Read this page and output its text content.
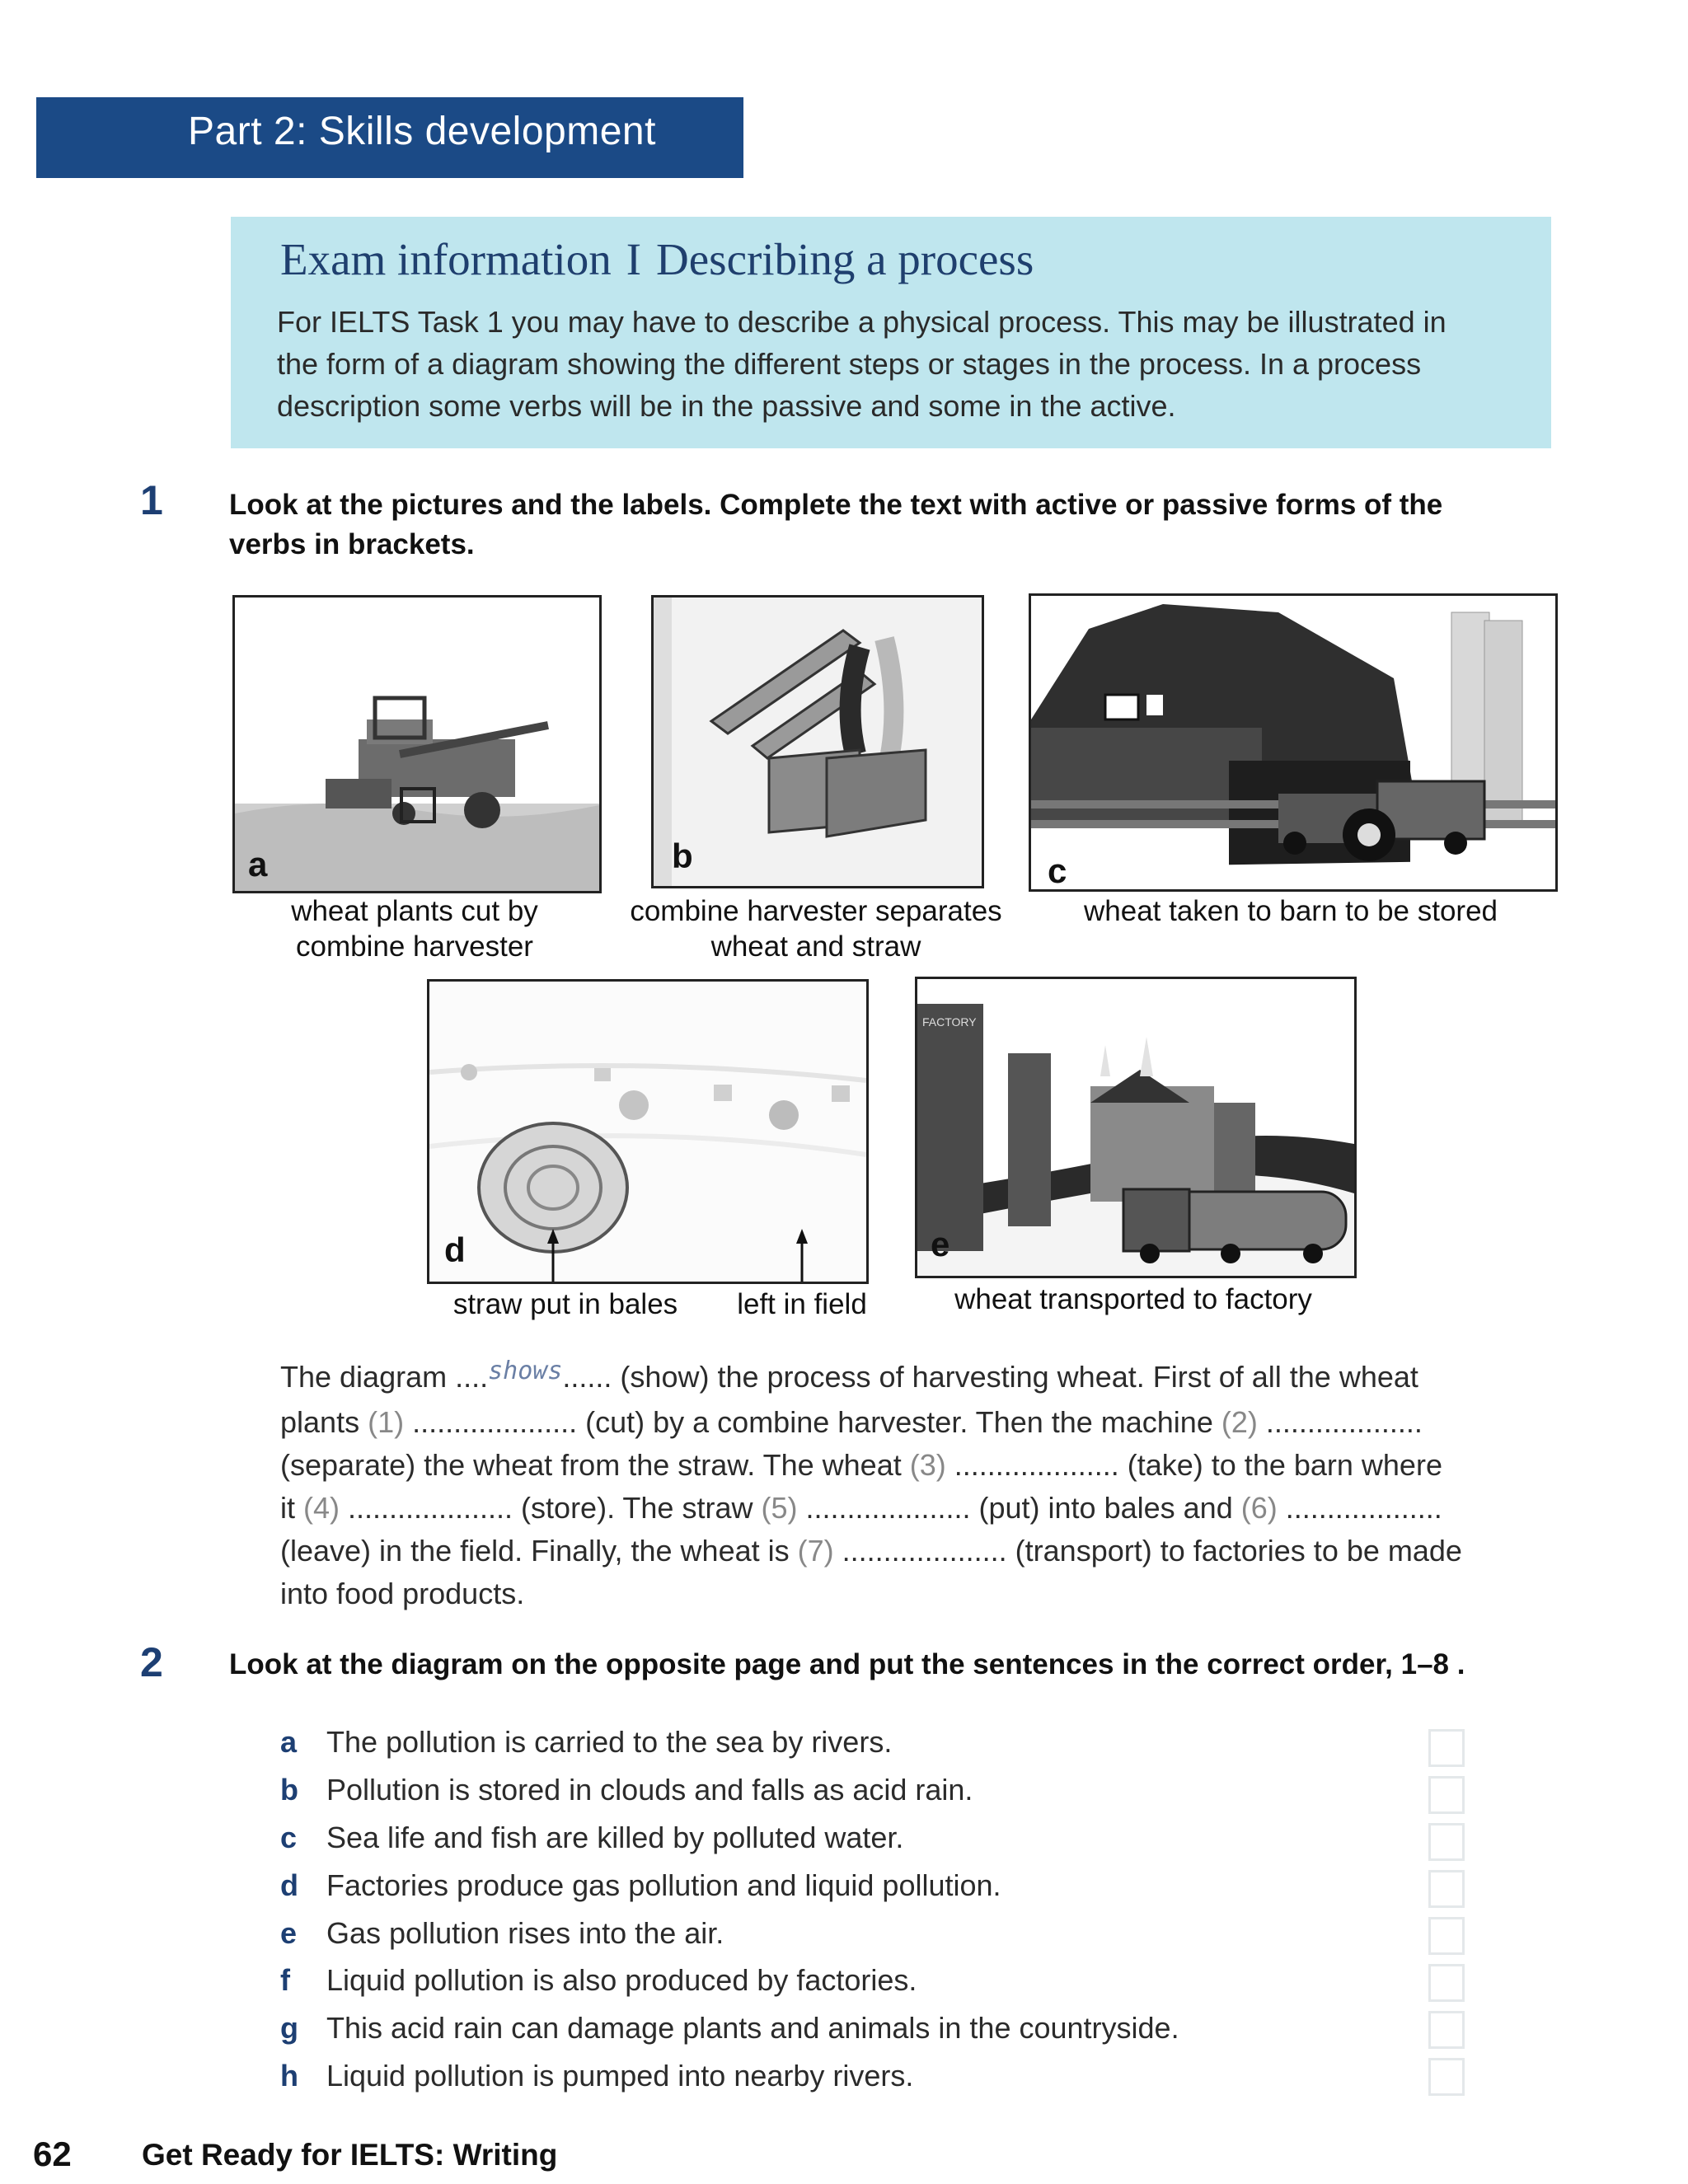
Part 2: Skills development
Exam information I Describing a process
For IELTS Task 1 you may have to describe a physical process. This may be illustrated in
the form of a diagram showing the different steps or stages in the process. In a process
description some verbs will be in the passive and some in the active.
1 Look at the pictures and the labels. Complete the text with active or passive forms of the
verbs in brackets.
a
wheat plants cut by
combine harvester
b
combine harvester separates
wheat and straw
c
wheat taken to barn to be stored
d
straw put in bales	left in field
FACTORY
e
wheat transported to factory
The diagram ....$^{shows}$...... (show) the process of harvesting wheat. First of all the wheat
plants (1) .................... (cut) by a combine harvester. Then the machine (2) ...................
(separate) the wheat from the straw. The wheat (3) .................... (take) to the barn where
it (4) .................... (store). The straw (5) .................... (put) into bales and (6) ...................
(leave) in the field. Finally, the wheat is (7) .................... (transport) to factories to be made
into food products.
2 Look at the diagram on the opposite page and put the sentences in the correct order, 1–8 .
a The pollution is carried to the sea by rivers.
b Pollution is stored in clouds and falls as acid rain.
c Sea life and fish are killed by polluted water.
d Factories produce gas pollution and liquid pollution.
e Gas pollution rises into the air.
f Liquid pollution is also produced by factories.
g This acid rain can damage plants and animals in the countryside.
h Liquid pollution is pumped into nearby rivers.
62 Get Ready for IELTS: Writing
